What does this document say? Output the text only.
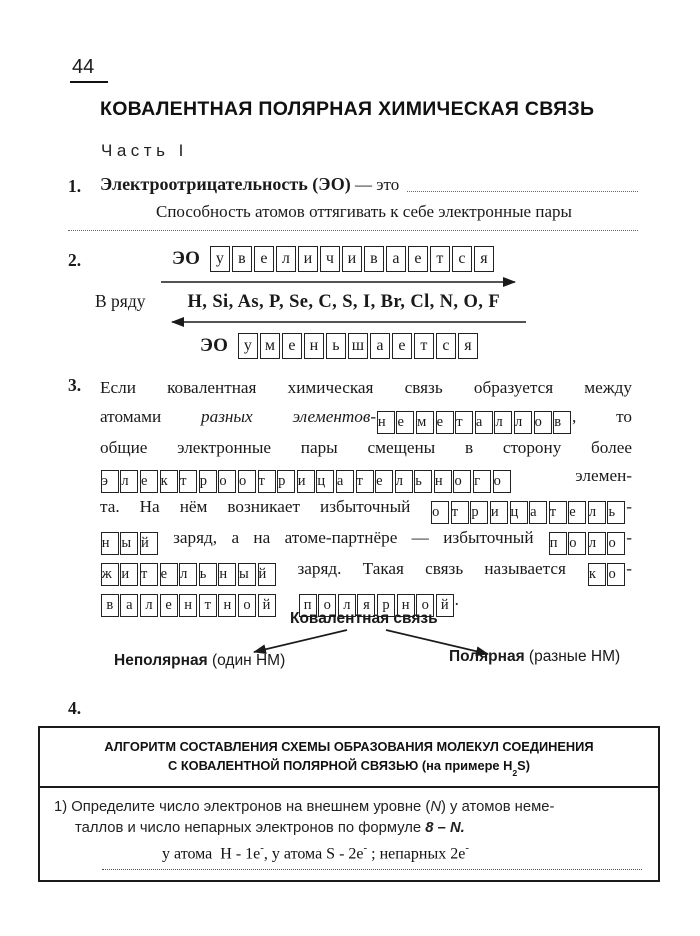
44
КОВАЛЕНТНАЯ ПОЛЯРНАЯ ХИМИЧЕСКАЯ СВЯЗЬ
Часть I
1. Электроотрицательность (ЭО) — это
Способность атомов оттягивать к себе электронные пары
2.	ЭО	у в е л и ч и в а е т с я
В ряду H, Si, As, P, Se, C, S, I, Br, Cl, N, O, F
ЭО	у м е н ь ш а е т с я
3. Если ковалентная химическая связь образуется между
атомами разных элементов- н е м е т а л л о в , то
общие электронные пары смещены в сторону более
э л е к т р о о т р и ц а т е л ь н о г о элемен-
та. На нём возникает избыточный о т р и ц а т е л ь -
н ы й заряд, а на атоме-партнёре — избыточный п о л о -
ж и т е л ь н ы й заряд. Такая связь называется к о -
в а л е н т н о й п о л я р н о й .
Ковалентная связь
Неполярная (один НМ)	Полярная (разные НМ)
4.
АЛГОРИТМ СОСТАВЛЕНИЯ СХЕМЫ ОБРАЗОВАНИЯ МОЛЕКУЛ СОЕДИНЕНИЯ
С КОВАЛЕНТНОЙ ПОЛЯРНОЙ СВЯЗЬЮ (на примере $H_2S$)
1) Определите число электронов на внешнем уровне (N) у атомов неме-
таллов и число непарных электронов по формуле 8 – N.
у атома  H - 1e-, у атома S - 2e- ; непарных 2e-
